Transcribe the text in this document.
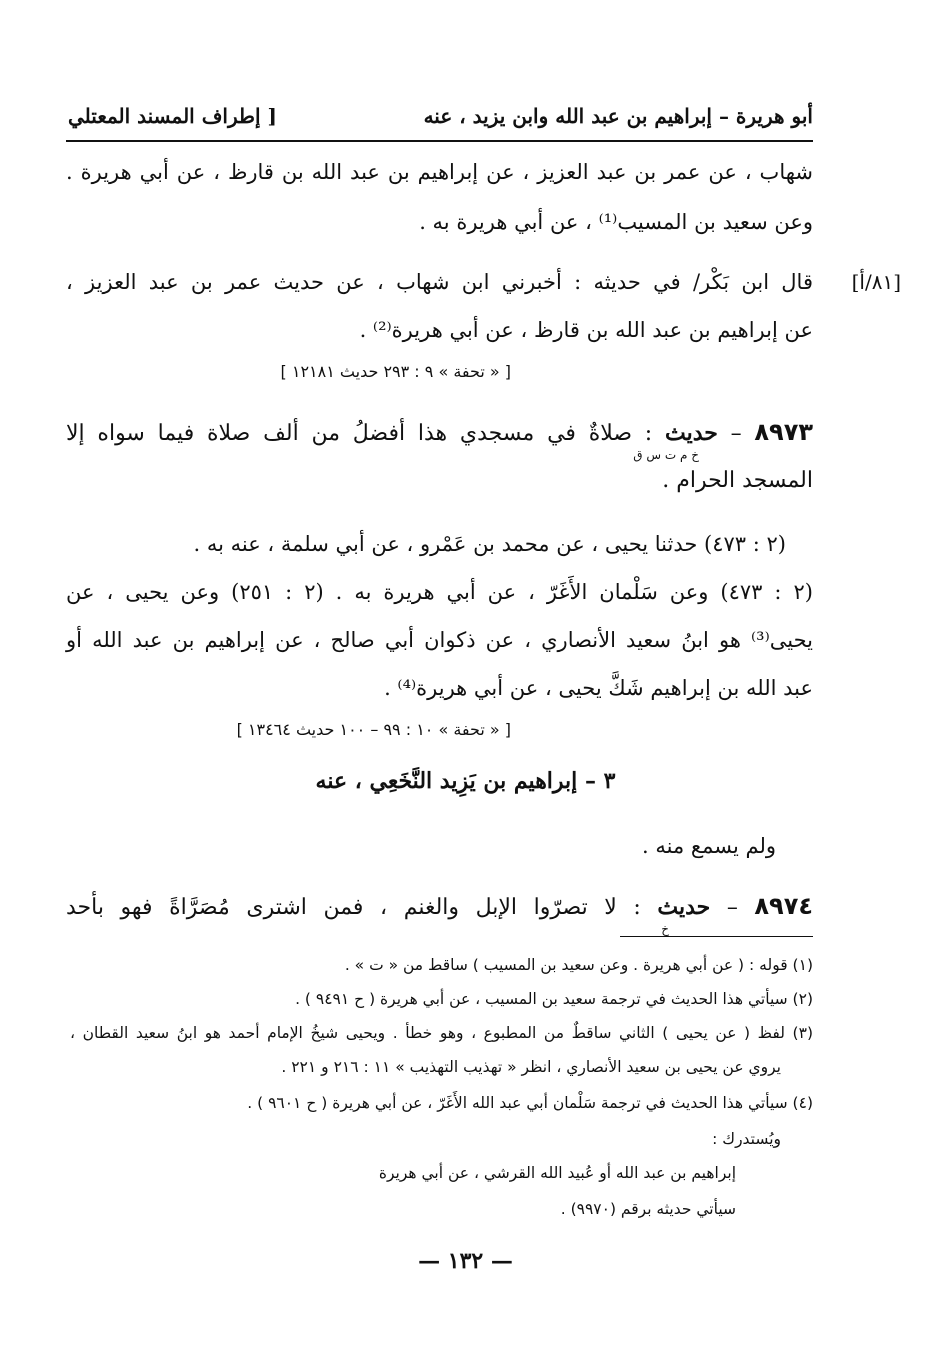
أبو هريرة – إبراهيم بن عبد الله وابن يزيد ، عنه
[ إطراف المسند المعتلي
شهاب ، عن عمر بن عبد العزيز ، عن إبراهيم بن عبد الله بن قارظ ، عن أبي هريرة .
وعن سعيد بن المسيب⁽¹⁾ ، عن أبي هريرة به .
[٨١/أ]
قال ابن بَكْر/ في حديثه : أخبرني ابن شهاب ، عن حديث عمر بن عبد العزيز ،
عن إبراهيم بن عبد الله بن قارظ ، عن أبي هريرة⁽²⁾ .
[ « تحفة » ٩ : ٢٩٣ حديث ١٢١٨١ ]
٨٩٧٣ – حديث : صلاةٌ في مسجدي هذا أفضلُ من ألف صلاة فيما سواه إلا
خ م ت س ق
المسجد الحرام .
(٢ : ٤٧٣) حدثنا يحيى ، عن محمد بن عَمْرو ، عن أبي سلمة ، عنه به .
(٢ : ٤٧٣) وعن سَلْمان الأَغَرّ ، عن أبي هريرة به . (٢ : ٢٥١) وعن يحيى ، عن
يحيى⁽³⁾ هو ابنُ سعيد الأنصاري ، عن ذكوان أبي صالح ، عن إبراهيم بن عبد الله أو
عبد الله بن إبراهيم شَكَّ يحيى ، عن أبي هريرة⁽⁴⁾ .
[ « تحفة » ١٠ : ٩٩ – ١٠٠ حديث ١٣٤٦٤ ]
٣ – إبراهيم بن يَزِيد النَّخَعِي ، عنه
ولم يسمع منه .
٨٩٧٤ – حديث : لا تصرّوا الإبل والغنم ، فمن اشترى مُصَرَّاةً فهو بأحد
خ
(١) قوله : ( عن أبي هريرة . وعن سعيد بن المسيب ) ساقط من « ت » .
(٢) سيأتي هذا الحديث في ترجمة سعيد بن المسيب ، عن أبي هريرة ( ح ٩٤٩١ ) .
(٣) لفظ ( عن يحيى ) الثاني ساقطٌ من المطبوع ، وهو خطأ . ويحيى شيخُ الإمام أحمد هو ابنُ سعيد القطان ،
يروي عن يحيى بن سعيد الأنصاري ، انظر « تهذيب التهذيب » ١١ : ٢١٦ و ٢٢١ .
(٤) سيأتي هذا الحديث في ترجمة سَلْمان أبي عبد الله الأَغَرّ ، عن أبي هريرة ( ح ٩٦٠١ ) .
ويُستدرك :
إبراهيم بن عبد الله أو عُبيد الله القرشي ، عن أبي هريرة
سيأتي حديثه برقم (٩٩٧٠) .
— ١٣٢ —
